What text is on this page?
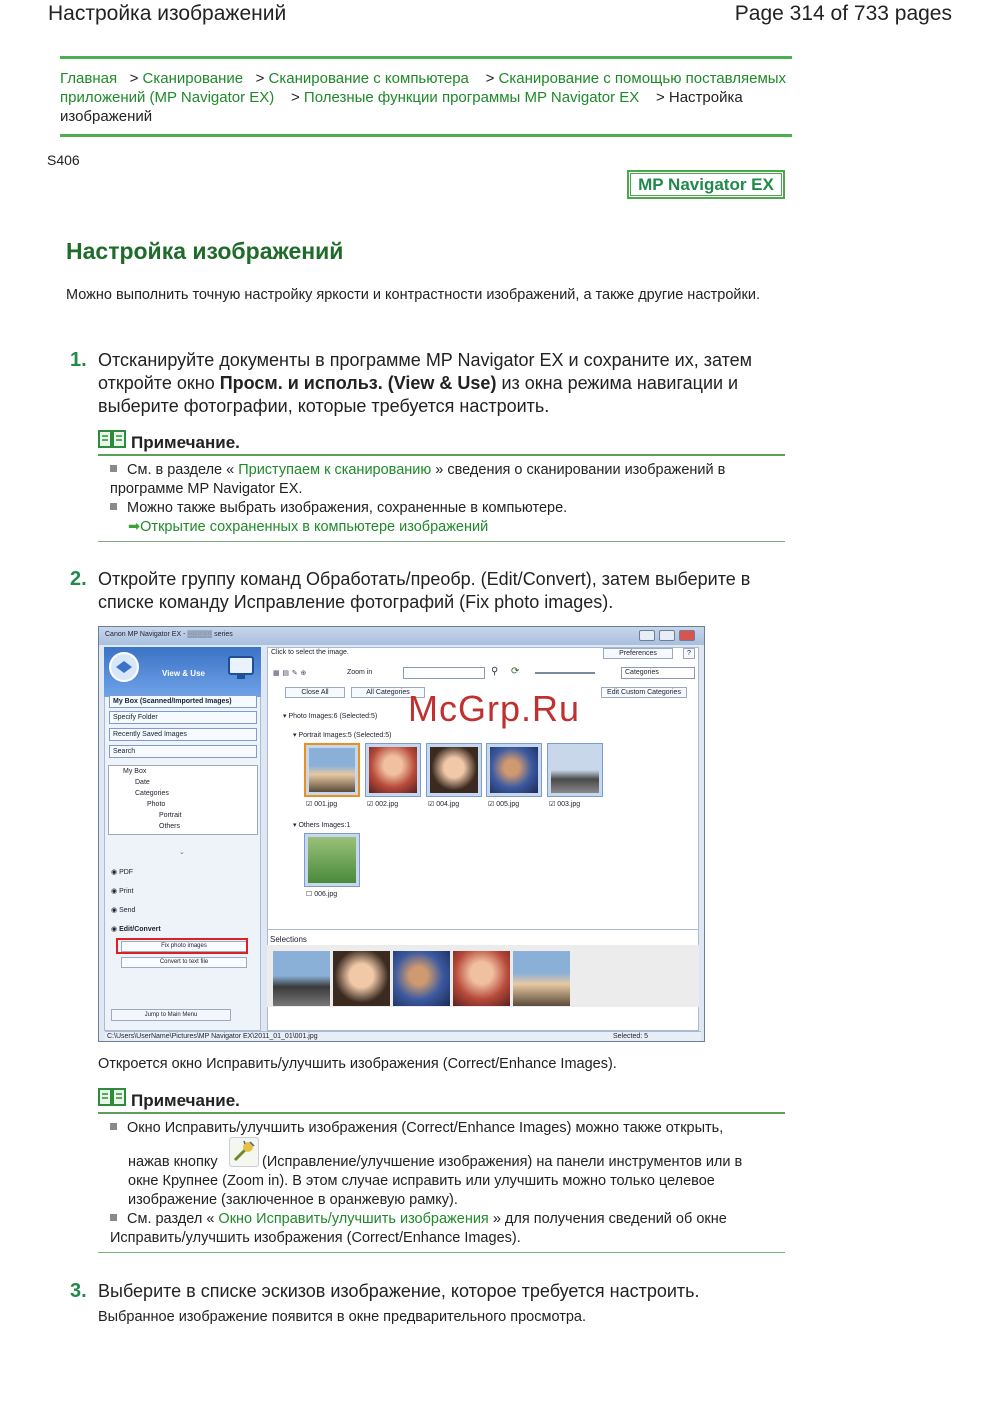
Настройка изображений	Page 314 of 733 pages
Главная   > Сканирование   > Сканирование с компьютера    > Сканирование с помощью поставляемых приложений (MP Navigator EX)    > Полезные функции программы MP Navigator EX    > Настройка изображений
S406
MP Navigator EX
Настройка изображений
Можно выполнить точную настройку яркости и контрастности изображений, а также другие настройки.
1. Отсканируйте документы в программе MP Navigator EX и сохраните их, затем откройте окно Просм. и использ. (View & Use) из окна режима навигации и выберите фотографии, которые требуется настроить.
Примечание.
См. в разделе « Приступаем к сканированию » сведения о сканировании изображений в программе MP Navigator EX.
Можно также выбрать изображения, сохраненные в компьютере.
➡Открытие сохраненных в компьютере изображений
2. Откройте группу команд Обработать/преобр. (Edit/Convert), затем выберите в списке команду Исправление фотографий (Fix photo images).
Canon MP Navigator EX - ▒▒▒▒▒ series
View & Use
My Box (Scanned/Imported Images)
Specify Folder
Recently Saved Images
Search
My Box
Date
Categories
Photo
Portrait
Others
⌄
◉ PDF
◉ Print
◉ Send
◉ Edit/Convert
Fix photo images
Convert to text file
Jump to Main Menu
Click to select the image.	Preferences	?
▦ ▤ ✎ ⊕	Zoom in	⚲ ⟳	Categories
Close All	All Categories	Edit Custom Categories
▾ Photo Images:6 (Selected:5)
▾ Portrait Images:5 (Selected:5)
☑ 001.jpg	☑ 002.jpg	☑ 004.jpg	☑ 005.jpg	☑ 003.jpg
▾ Others Images:1
☐ 006.jpg
Selections
C:\Users\UserName\Pictures\MP Navigator EX\2011_01_01\001.jpg	Selected: 5
McGrp.Ru
Откроется окно Исправить/улучшить изображения (Correct/Enhance Images).
Примечание.
Окно Исправить/улучшить изображения (Correct/Enhance Images) можно также открыть,
нажав кнопку	(Исправление/улучшение изображения) на панели инструментов или в окне Крупнее (Zoom in). В этом случае исправить или улучшить можно только целевое изображение (заключенное в оранжевую рамку).
См. раздел « Окно Исправить/улучшить изображения » для получения сведений об окне Исправить/улучшить изображения (Correct/Enhance Images).
3. Выберите в списке эскизов изображение, которое требуется настроить.
Выбранное изображение появится в окне предварительного просмотра.
